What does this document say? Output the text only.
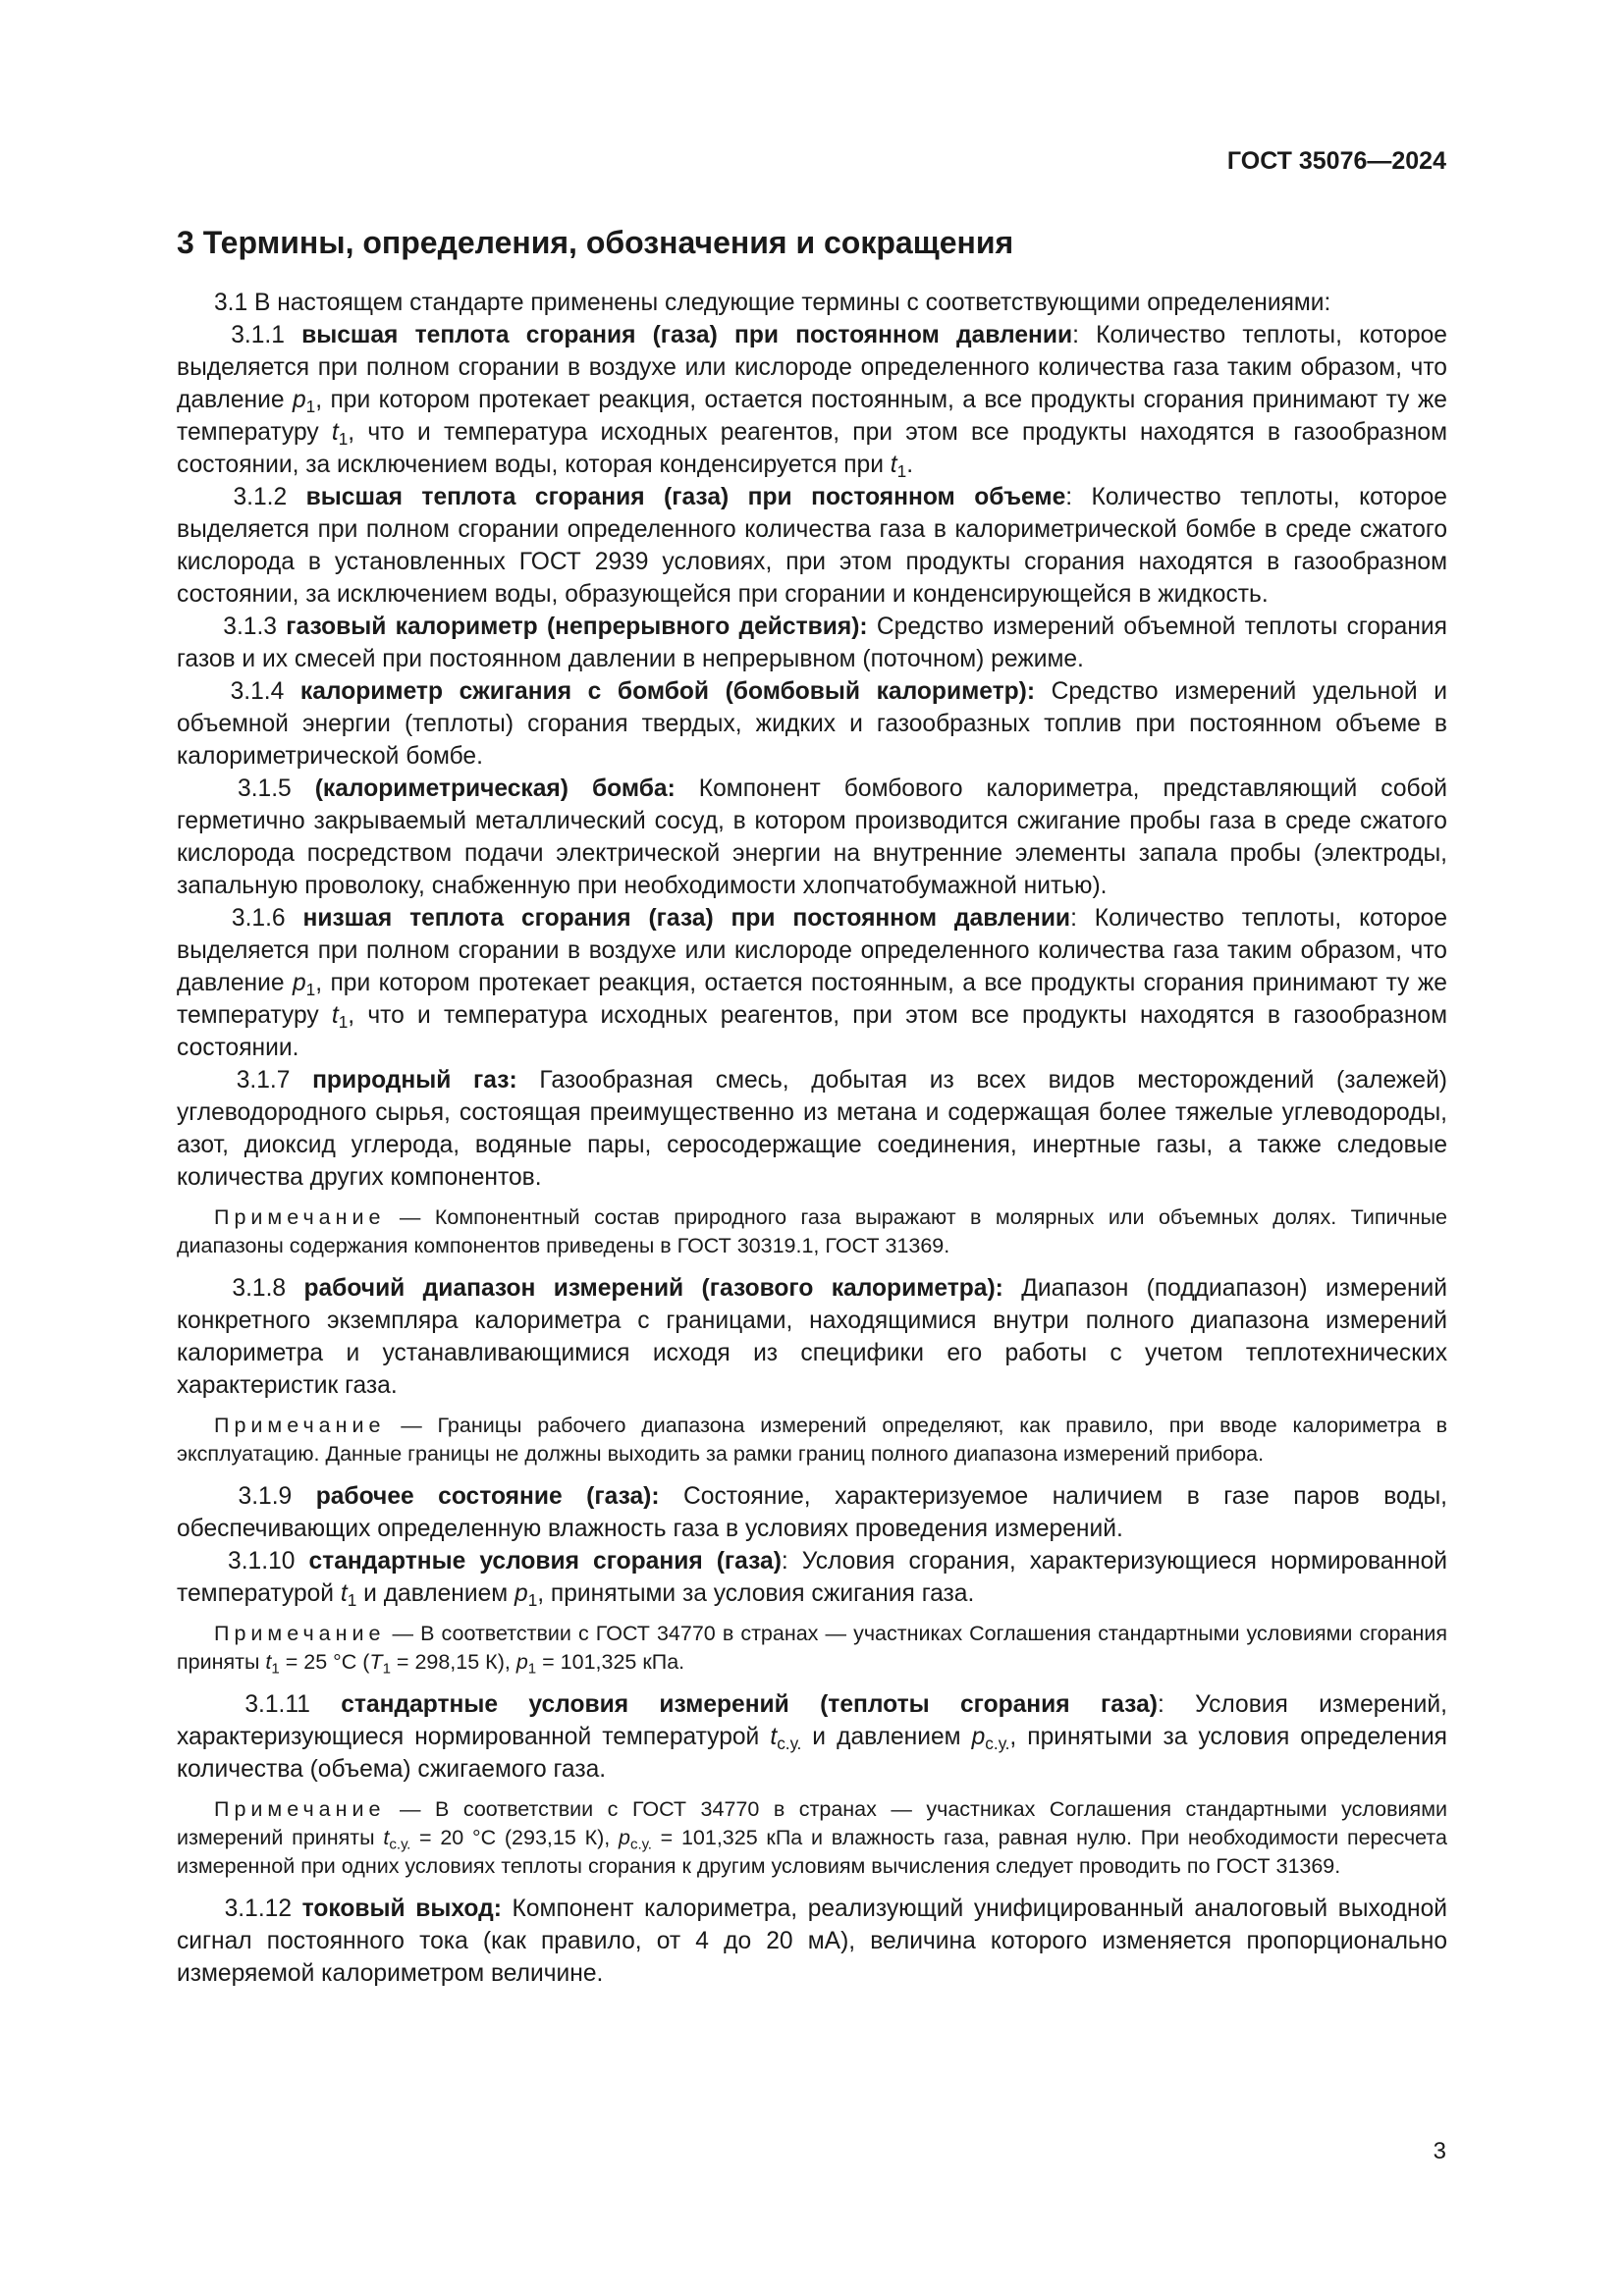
ГОСТ 35076—2024
3 Термины, определения, обозначения и сокращения

3.1 В настоящем стандарте применены следующие термины с соответствующими определениями:

3.1.1 высшая теплота сгорания (газа) при постоянном давлении: Количество теплоты, которое выделяется при полном сгорании в воздухе или кислороде определенного количества газа таким образом, что давление $p_1$, при котором протекает реакция, остается постоянным, а все продукты сгорания принимают ту же температуру $t_1$, что и температура исходных реагентов, при этом все продукты находятся в газообразном состоянии, за исключением воды, которая конденсируется при $t_1$.

3.1.2 высшая теплота сгорания (газа) при постоянном объеме: Количество теплоты, которое выделяется при полном сгорании определенного количества газа в калориметрической бомбе в среде сжатого кислорода в установленных ГОСТ 2939 условиях, при этом продукты сгорания находятся в газообразном состоянии, за исключением воды, образующейся при сгорании и конденсирующейся в жидкость.

3.1.3 газовый калориметр (непрерывного действия): Средство измерений объемной теплоты сгорания газов и их смесей при постоянном давлении в непрерывном (поточном) режиме.

3.1.4 калориметр сжигания с бомбой (бомбовый калориметр): Средство измерений удельной и объемной энергии (теплоты) сгорания твердых, жидких и газообразных топлив при постоянном объеме в калориметрической бомбе.

3.1.5 (калориметрическая) бомба: Компонент бомбового калориметра, представляющий собой герметично закрываемый металлический сосуд, в котором производится сжигание пробы газа в среде сжатого кислорода посредством подачи электрической энергии на внутренние элементы запала пробы (электроды, запальную проволоку, снабженную при необходимости хлопчатобумажной нитью).

3.1.6 низшая теплота сгорания (газа) при постоянном давлении: Количество теплоты, которое выделяется при полном сгорании в воздухе или кислороде определенного количества газа таким образом, что давление $p_1$, при котором протекает реакция, остается постоянным, а все продукты сгорания принимают ту же температуру $t_1$, что и температура исходных реагентов, при этом все продукты находятся в газообразном состоянии.

3.1.7 природный газ: Газообразная смесь, добытая из всех видов месторождений (залежей) углеводородного сырья, состоящая преимущественно из метана и содержащая более тяжелые углеводороды, азот, диоксид углерода, водяные пары, серосодержащие соединения, инертные газы, а также следовые количества других компонентов.

Примечание — Компонентный состав природного газа выражают в молярных или объемных долях. Типичные диапазоны содержания компонентов приведены в ГОСТ 30319.1, ГОСТ 31369.

3.1.8 рабочий диапазон измерений (газового калориметра): Диапазон (поддиапазон) измерений конкретного экземпляра калориметра с границами, находящимися внутри полного диапазона измерений калориметра и устанавливающимися исходя из специфики его работы с учетом теплотехнических характеристик газа.

Примечание — Границы рабочего диапазона измерений определяют, как правило, при вводе калориметра в эксплуатацию. Данные границы не должны выходить за рамки границ полного диапазона измерений прибора.

3.1.9 рабочее состояние (газа): Состояние, характеризуемое наличием в газе паров воды, обеспечивающих определенную влажность газа в условиях проведения измерений.

3.1.10 стандартные условия сгорания (газа): Условия сгорания, характеризующиеся нормированной температурой $t_1$ и давлением $p_1$, принятыми за условия сжигания газа.

Примечание — В соответствии с ГОСТ 34770 в странах — участниках Соглашения стандартными условиями сгорания приняты $t_1 = 25$ °C ($T_1 = 298,15$ К), $p_1 = 101,325$ кПа.

3.1.11 стандартные условия измерений (теплоты сгорания газа): Условия измерений, характеризующиеся нормированной температурой $t_{с.у.}$ и давлением $p_{с.у.}$, принятыми за условия определения количества (объема) сжигаемого газа.

Примечание — В соответствии с ГОСТ 34770 в странах — участниках Соглашения стандартными условиями измерений приняты $t_{с.у.} = 20$ °C (293,15 К), $p_{с.у.} = 101,325$ кПа и влажность газа, равная нулю. При необходимости пересчета измеренной при одних условиях теплоты сгорания к другим условиям вычисления следует проводить по ГОСТ 31369.

3.1.12 токовый выход: Компонент калориметра, реализующий унифицированный аналоговый выходной сигнал постоянного тока (как правило, от 4 до 20 мА), величина которого изменяется пропорционально измеряемой калориметром величине.

3
